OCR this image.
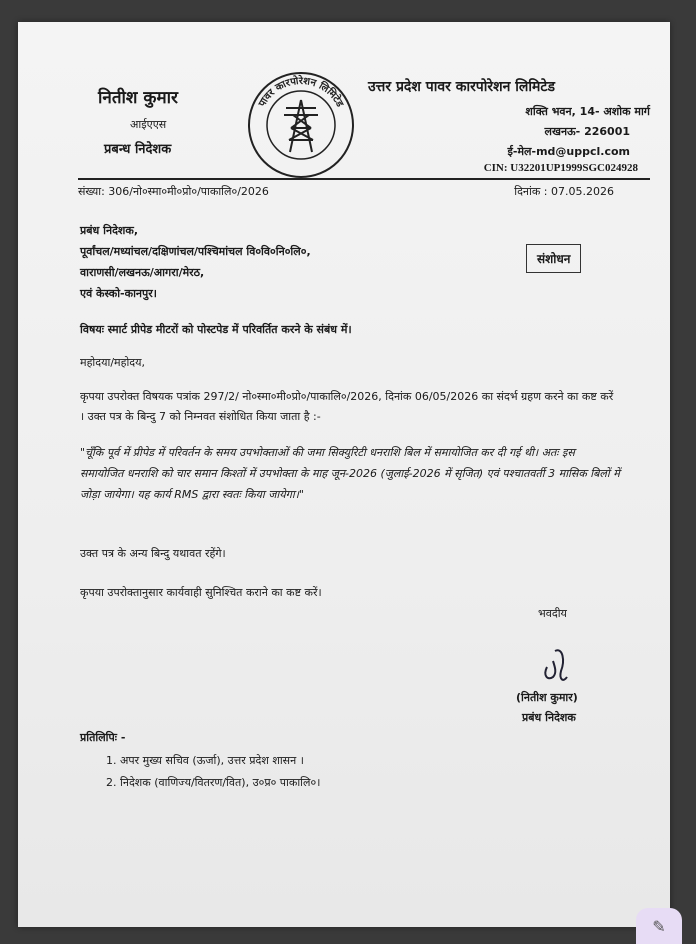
नितीश कुमार
आईएएस
प्रबन्ध निदेशक
पावर कारपोरेशन लिमिटेड
उत्तर प्रदेश पावर कारपोरेशन लिमिटेड
शक्ति भवन, 14- अशोक मार्ग
लखनऊ- 226001
ई-मेल-md@uppcl.com
CIN: U32201UP1999SGC024928
संख्या: 306/नो०स्मा०मी०प्रो०/पाकालि०/2026	दिनांक : 07.05.2026
प्रबंध निदेशक,
पूर्वांचल/मध्यांचल/दक्षिणांचल/पश्चिमांचल वि०वि०नि०लि०,
वाराणसी/लखनऊ/आगरा/मेरठ,
एवं केस्को-कानपुर।
संशोधन
विषयः स्मार्ट प्रीपेड मीटरों को पोस्टपेड में परिवर्तित करने के संबंध में।
महोदया/महोदय,
कृपया उपरोक्त विषयक पत्रांक 297/2/ नो०स्मा०मी०प्रो०/पाकालि०/2026, दिनांक 06/05/2026 का संदर्भ ग्रहण करने का कष्ट करें । उक्त पत्र के बिन्दु 7 को निम्नवत संशोधित किया जाता है :-
"चूँकि पूर्व में प्रीपेड में परिवर्तन के समय उपभोक्ताओं की जमा सिक्युरिटी धनराशि बिल में समायोजित कर दी गई थी। अतः इस समायोजित धनराशि को चार समान किश्तों में उपभोक्ता के माह जून-2026 (जुलाई-2026 में सृजित) एवं पश्चातवर्ती 3 मासिक बिलों में जोड़ा जायेगा। यह कार्य RMS द्वारा स्वतः किया जायेगा।"
उक्त पत्र के अन्य बिन्दु यथावत रहेंगे।
कृपया उपरोक्तानुसार कार्यवाही सुनिश्चित कराने का कष्ट करें।
भवदीय
(नितीश कुमार)
प्रबंध निदेशक
प्रतिलिपिः -
1. अपर मुख्य सचिव (ऊर्जा), उत्तर प्रदेश शासन ।
2. निदेशक (वाणिज्य/वितरण/वित), उ०प्र० पाकालि०।
✎
